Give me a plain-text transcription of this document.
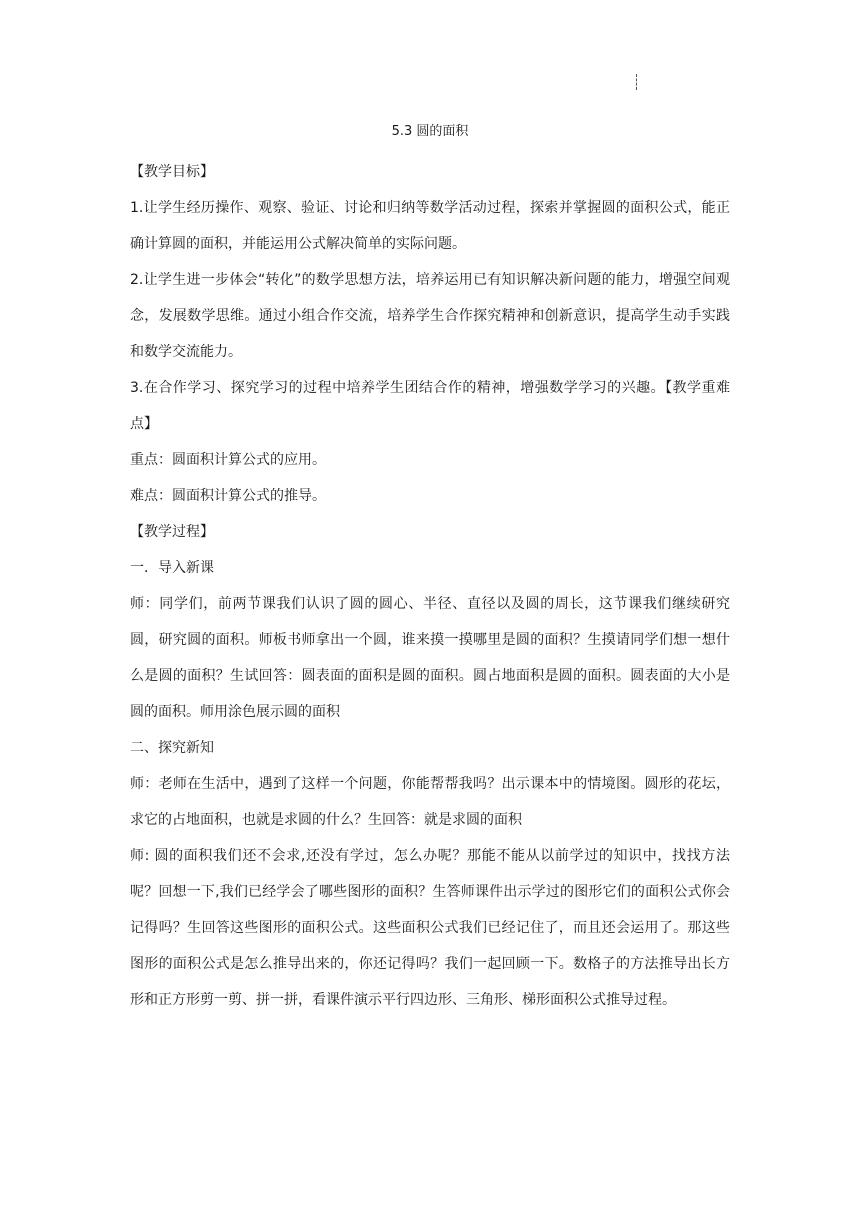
5.3 圆的面积

【教学目标】

1.让学生经历操作、观察、验证、讨论和归纳等数学活动过程，探索并掌握圆的面积公式，能正确计算圆的面积，并能运用公式解决简单的实际问题。

2.让学生进一步体会“转化”的数学思想方法，培养运用已有知识解决新问题的能力，增强空间观念，发展数学思维。通过小组合作交流，培养学生合作探究精神和创新意识，提高学生动手实践和数学交流能力。

3.在合作学习、探究学习的过程中培养学生团结合作的精神，增强数学学习的兴趣。【教学重难点】

重点：圆面积计算公式的应用。

难点：圆面积计算公式的推导。

【教学过程】

一．导入新课

师：同学们，前两节课我们认识了圆的圆心、半径、直径以及圆的周长，这节课我们继续研究圆，研究圆的面积。师板书师拿出一个圆，谁来摸一摸哪里是圆的面积？生摸请同学们想一想什么是圆的面积？生试回答：圆表面的面积是圆的面积。圆占地面积是圆的面积。圆表面的大小是圆的面积。师用涂色展示圆的面积

二、探究新知

师：老师在生活中，遇到了这样一个问题，你能帮帮我吗？出示课本中的情境图。圆形的花坛，求它的占地面积，也就是求圆的什么？生回答：就是求圆的面积

师: 圆的面积我们还不会求,还没有学过，怎么办呢？那能不能从以前学过的知识中，找找方法呢？回想一下,我们已经学会了哪些图形的面积？生答师课件出示学过的图形它们的面积公式你会记得吗？生回答这些图形的面积公式。这些面积公式我们已经记住了，而且还会运用了。那这些图形的面积公式是怎么推导出来的，你还记得吗？我们一起回顾一下。数格子的方法推导出长方形和正方形剪一剪、拼一拼，看课件演示平行四边形、三角形、梯形面积公式推导过程。
